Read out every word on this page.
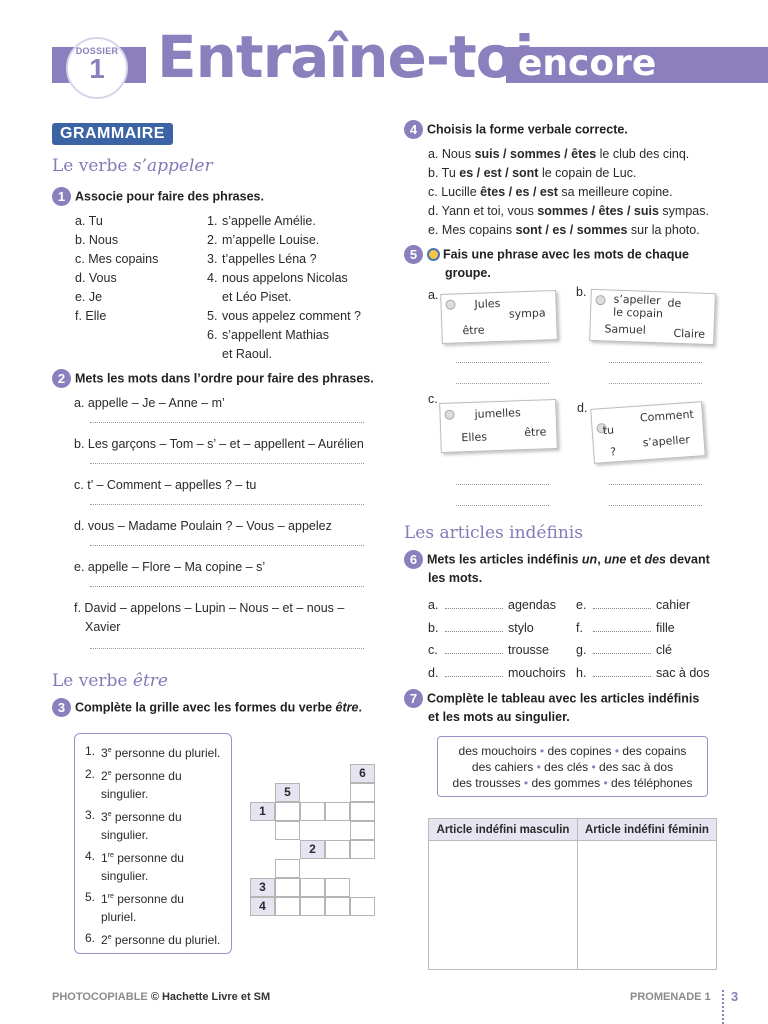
DOSSIER
1 Entraîne-toi
encore
GRAMMAIRE
Le verbe s’appeler
1 Associe pour faire des phrases.
a. Tu
b. Nous
c. Mes copains
d. Vous
e. Je
f. Elle
1. s’appelle Amélie.
2. m’appelle Louise.
3. t’appelles Léna ?
4. nous appelons Nicolas
et Léo Piset.
5. vous appelez comment ?
6. s’appellent Mathias
et Raoul.
2 Mets les mots dans l’ordre pour faire des phrases.
a. appelle – Je – Anne – m’
b. Les garçons – Tom – s’ – et – appellent – Aurélien
c. t’ – Comment – appelles ? – tu
d. vous – Madame Poulain ? – Vous – appelez
e. appelle – Flore – Ma copine – s’
f. David – appelons – Lupin – Nous – et – nous –
Xavier
Le verbe être
3 Complète la grille avec les formes du verbe être.
1. 3e personne du pluriel.
2. 2e personne du
singulier.
3. 3e personne du
singulier.
4. 1re personne du
singulier.
5. 1re personne du
pluriel.
6. 2e personne du pluriel.
6
5
1
2
3
4
4 Choisis la forme verbale correcte.
a. Nous suis / sommes / êtes le club des cinq.
b. Tu es / est / sont le copain de Luc.
c. Lucille êtes / es / est sa meilleure copine.
d. Yann et toi, vous sommes / êtes / suis sympas.
e. Mes copains sont / es / sommes sur la photo.
5 Fais une phrase avec les mots de chaque
groupe.
a.
Jules
sympa
être
b.
s’apeller de
le copain
Samuel Claire
c.
jumelles
Elles	être
d.	Comment
tu
s’apeller
?
Les articles indéfinis
6 Mets les articles indéfinis un, une et des devant
les mots.
a.	agendas
b.	stylo
c.	trousse
d.	mouchoirs
e.	cahier
f.	fille
g.	clé
h.	sac à dos
7 Complète le tableau avec les articles indéfinis
et les mots au singulier.
des mouchoirs • des copines • des copains
des cahiers • des clés • des sac à dos
des trousses • des gommes • des téléphones
Article indéfini masculin	Article indéfini féminin

PHOTOCOPIABLE © Hachette Livre et SM	PROMENADE 1 3
